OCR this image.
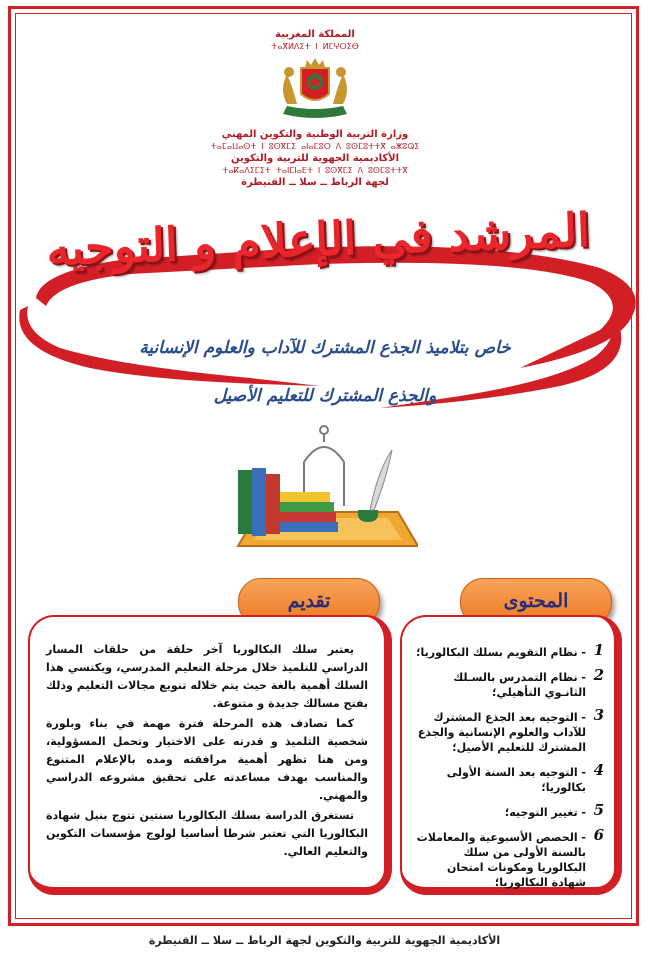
المملكة المغربية
ⵜⴰⴳⵍⴷⵉⵜ ⵏ ⵍⵎⵖⵔⵉⴱ
وزارة التربية الوطنية والتكوين المهني
ⵜⴰⵎⴰⵡⴰⵙⵜ ⵏ ⵓⵙⴳⵎⵉ ⴰⵏⴰⵎⵓⵔ ⴷ ⵓⵙⵎⵓⵜⵜⴳ ⴰⵥⵓⵕⵉ
الأكاديمية الجهوية للتربية والتكوين
ⵜⴰⴽⴰⴷⵉⵎⵉⵜ ⵜⴰⵏⵎⵏⴰⴹⵜ ⵏ ⵓⵙⴳⵎⵉ ⴷ ⵓⵙⵎⵓⵜⵜⴳ
لجهة الرباط ــ سلا ــ القنيطرة
المرشد في الإعلام و التوجيه
خاص بتلاميذ الجذع المشترك للآداب والعلوم الإنسانية
والجذع المشترك للتعليم الأصيل
المحتوى
تقديم
1
- نظام التقويم بسلك البكالوريا؛
2
- نظام التمدرس بالسـلك الثانـوي التأهيلي؛
3
- التوجيه بعد الجذع المشترك للآداب والعلوم الإنسانية والجذع المشترك للتعليم الأصيل؛
4
- التوجيه بعد السنة الأولى بكالوريا؛
5
- تغيير التوجيه؛
6
- الحصص الأسبوعية والمعاملات بالسنة الأولى من سلك البكالوريا ومكونات امتحان شهادة البكالوريا؛

يعتبر سلك البكالوريا آخر حلقة من حلقات المسار الدراسي للتلميذ خلال مرحلة التعليم المدرسي، ويكتسي هذا السلك أهمية بالغة حيث يتم خلاله تنويع مجالات التعليم وذلك بفتح مسالك جديدة و متنوعة.

كما تصادف هذه المرحلة فترة مهمة في بناء وبلورة شخصية التلميذ و قدرته على الاختيار وتحمل المسؤولية، ومن هنا تظهر أهمية مرافقته ومده بالإعلام المتنوع والمناسب بهدف مساعدته على تحقيق مشروعه الدراسي والمهني.

تستغرق الدراسة بسلك البكالوريا سنتين تتوج بنيل شهادة البكالوريا التي تعتبر شرطا أساسيا لولوج مؤسسات التكوين والتعليم العالي.

الأكاديمية الجهوية للتربية والتكوين لجهة الرباط ــ سلا ــ القنيطرة
